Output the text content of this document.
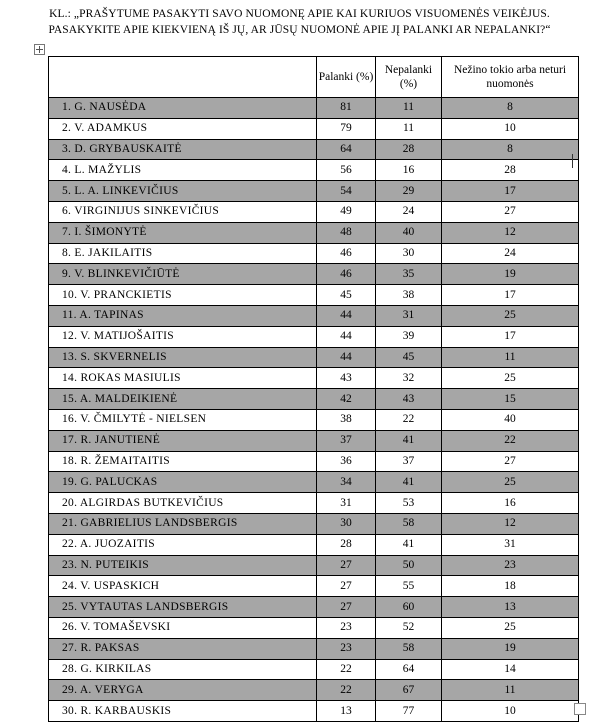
KL.: „PRAŠYTUME PASAKYTI SAVO NUOMONĘ APIE KAI KURIUOS VISUOMENĖS VEIKĖJUS.
PASAKYKITE APIE KIEKVIENĄ IŠ JŲ, AR JŪSŲ NUOMONĖ APIE JĮ PALANKI AR NEPALANKI?“
	Palanki (%)	Nepalanki (%)	Nežino tokio arba neturi nuomonės
1. G. NAUSĖDA	81	11	8
2. V. ADAMKUS	79	11	10
3. D. GRYBAUSKAITĖ	64	28	8
4. L. MAŽYLIS	56	16	28
5. L. A. LINKEVIČIUS	54	29	17
6. VIRGINIJUS SINKEVIČIUS	49	24	27
7. I. ŠIMONYTĖ	48	40	12
8. E. JAKILAITIS	46	30	24
9. V. BLINKEVIČIŪTĖ	46	35	19
10. V. PRANCKIETIS	45	38	17
11. A. TAPINAS	44	31	25
12. V. MATIJOŠAITIS	44	39	17
13. S. SKVERNELIS	44	45	11
14. ROKAS MASIULIS	43	32	25
15. A. MALDEIKIENĖ	42	43	15
16. V. ČMILYTĖ - NIELSEN	38	22	40
17. R. JANUTIENĖ	37	41	22
18. R. ŽEMAITAITIS	36	37	27
19. G. PALUCKAS	34	41	25
20. ALGIRDAS BUTKEVIČIUS	31	53	16
21. GABRIELIUS LANDSBERGIS	30	58	12
22. A. JUOZAITIS	28	41	31
23. N. PUTEIKIS	27	50	23
24. V. USPASKICH	27	55	18
25. VYTAUTAS LANDSBERGIS	27	60	13
26. V. TOMAŠEVSKI	23	52	25
27. R. PAKSAS	23	58	19
28. G. KIRKILAS	22	64	14
29. A. VERYGA	22	67	11
30. R. KARBAUSKIS	13	77	10
